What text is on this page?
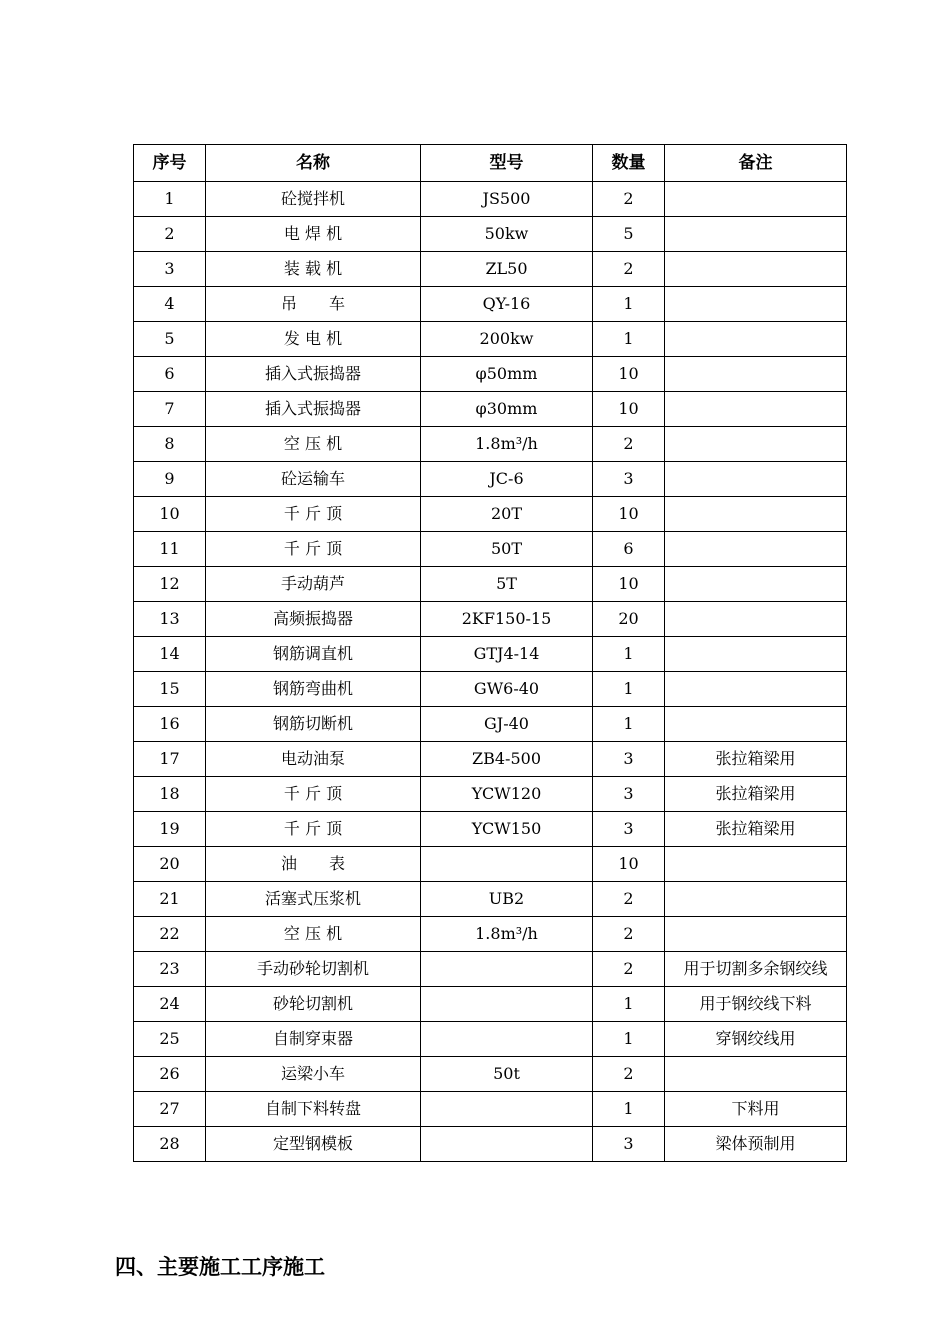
序号	名称	型号	数量	备注
1	砼搅拌机	JS500	2	

2	电 焊 机	50kw	5	

3	装 载 机	ZL50	2	

4	吊　　车	QY-16	1	

5	发 电 机	200kw	1	

6	插入式振捣器	φ50mm	10	

7	插入式振捣器	φ30mm	10	

8	空 压 机	1.8m³/h	2	

9	砼运输车	JC-6	3	

10	千 斤 顶	20T	10	

11	千 斤 顶	50T	6	

12	手动葫芦	5T	10	

13	高频振捣器	2KF150-15	20	

14	钢筋调直机	GTJ4-14	1	

15	钢筋弯曲机	GW6-40	1	

16	钢筋切断机	GJ-40	1	

17	电动油泵	ZB4-500	3	张拉箱梁用

18	千 斤 顶	YCW120	3	张拉箱梁用

19	千 斤 顶	YCW150	3	张拉箱梁用

20	油　　表		10	

21	活塞式压浆机	UB2	2	

22	空 压 机	1.8m³/h	2	

23	手动砂轮切割机		2	用于切割多余钢绞线

24	砂轮切割机		1	用于钢绞线下料

25	自制穿束器		1	穿钢绞线用

26	运梁小车	50t	2	

27	自制下料转盘		1	下料用

28	定型钢模板		3	梁体预制用
四、主要施工工序施工
